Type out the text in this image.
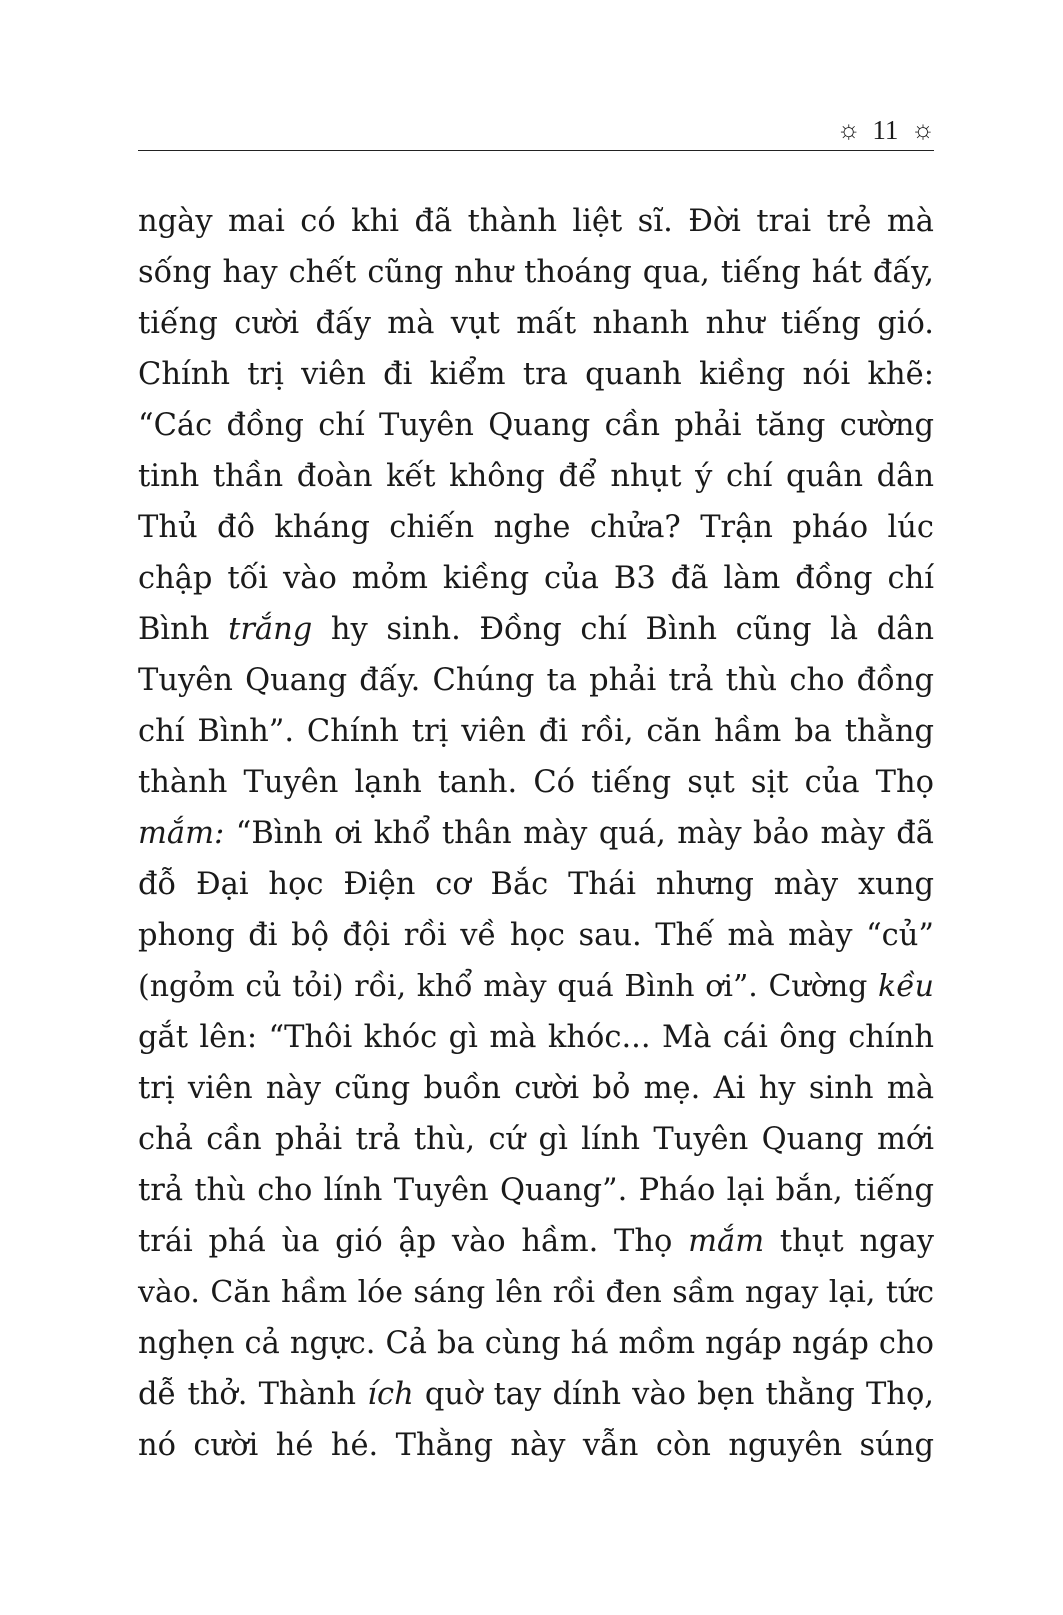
☼︎ 11 ☼︎
ngày mai có khi đã thành liệt sĩ. Đời trai trẻ mà
sống hay chết cũng như thoáng qua, tiếng hát đấy,
tiếng cười đấy mà vụt mất nhanh như tiếng gió.
Chính trị viên đi kiểm tra quanh kiềng nói khẽ:
“Các đồng chí Tuyên Quang cần phải tăng cường
tinh thần đoàn kết không để nhụt ý chí quân dân
Thủ đô kháng chiến nghe chửa? Trận pháo lúc
chập tối vào mỏm kiềng của B3 đã làm đồng chí
Bình trắng hy sinh. Đồng chí Bình cũng là dân
Tuyên Quang đấy. Chúng ta phải trả thù cho đồng
chí Bình”. Chính trị viên đi rồi, căn hầm ba thằng
thành Tuyên lạnh tanh. Có tiếng sụt sịt của Thọ
mắm: “Bình ơi khổ thân mày quá, mày bảo mày đã
đỗ Đại học Điện cơ Bắc Thái nhưng mày xung
phong đi bộ đội rồi về học sau. Thế mà mày “củ”
(ngỏm củ tỏi) rồi, khổ mày quá Bình ơi”. Cường kều
gắt lên: “Thôi khóc gì mà khóc... Mà cái ông chính
trị viên này cũng buồn cười bỏ mẹ. Ai hy sinh mà
chả cần phải trả thù, cứ gì lính Tuyên Quang mới
trả thù cho lính Tuyên Quang”. Pháo lại bắn, tiếng
trái phá ùa gió ập vào hầm. Thọ mắm thụt ngay
vào. Căn hầm lóe sáng lên rồi đen sầm ngay lại, tức
nghẹn cả ngực. Cả ba cùng há mồm ngáp ngáp cho
dễ thở. Thành ích quờ tay dính vào bẹn thằng Thọ,
nó cười hé hé. Thằng này vẫn còn nguyên súng
